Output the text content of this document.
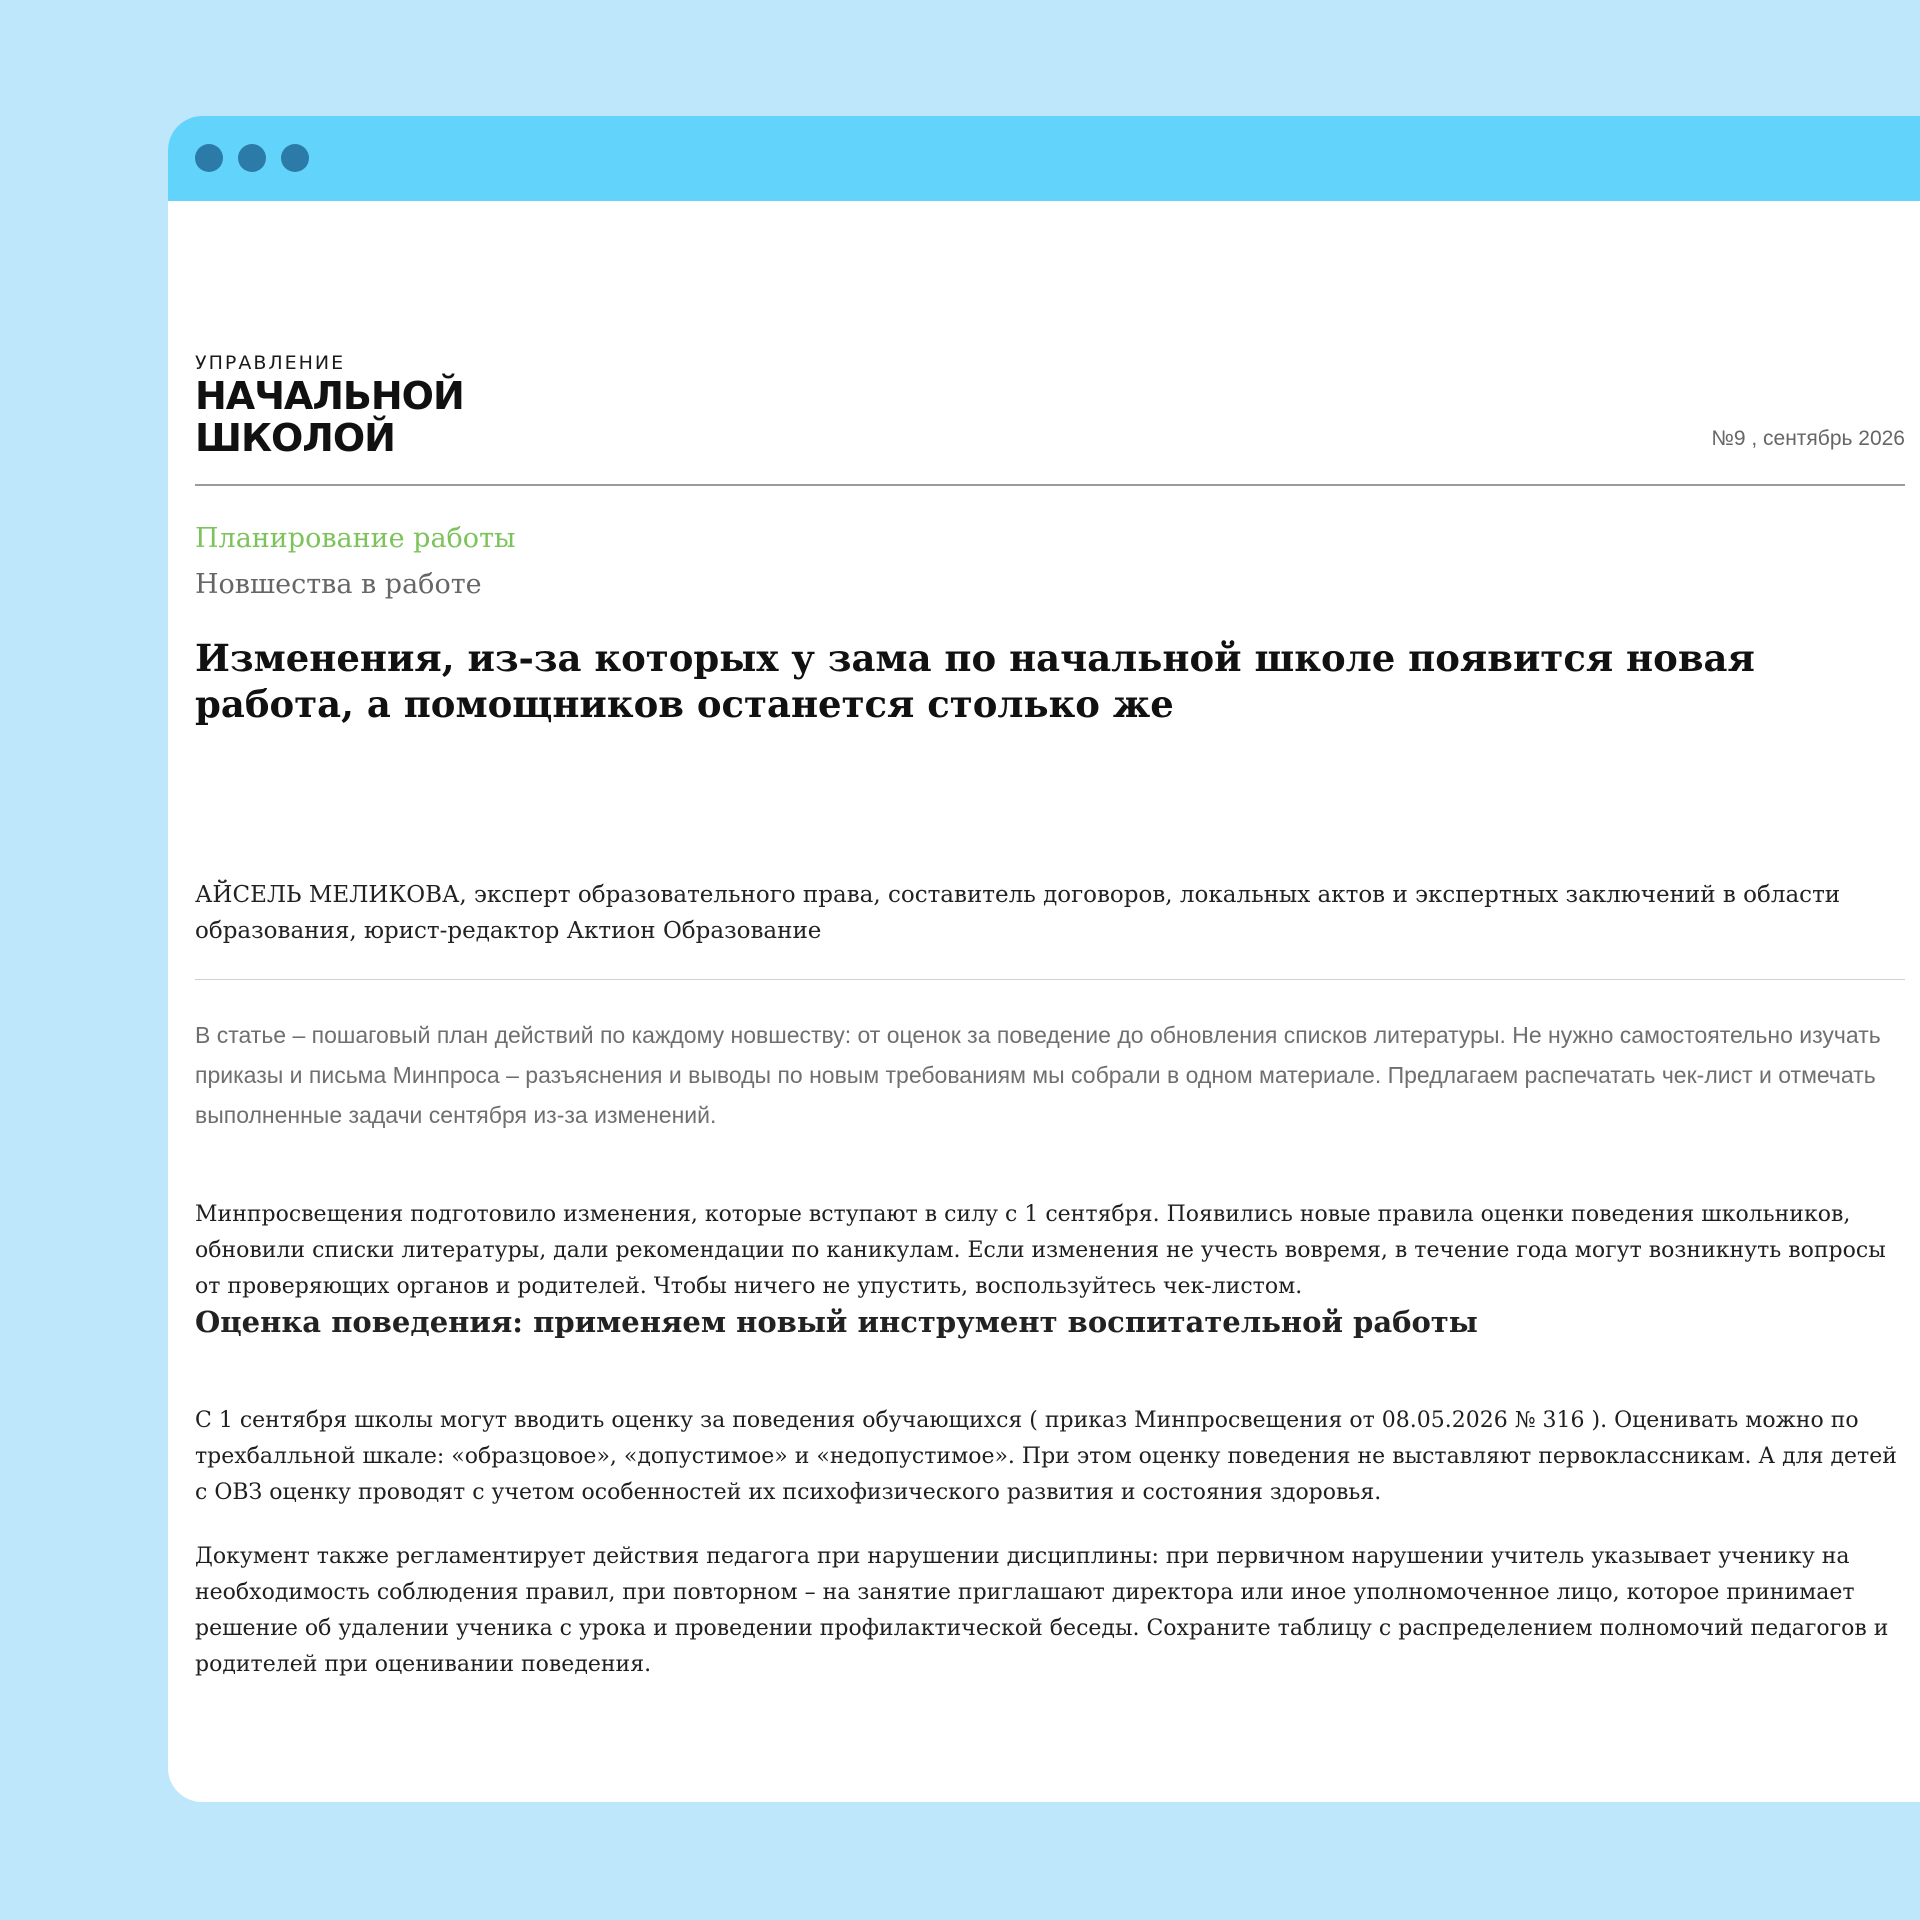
УПРАВЛЕНИЕ
НАЧАЛЬНОЙ
ШКОЛОЙ	№9 , сентябрь 2026
Планирование работы
Новшества в работе
Изменения, из-за которых у зама по начальной школе появится новая работа, а помощников останется столько же
АЙСЕЛЬ МЕЛИКОВА, эксперт образовательного права, составитель договоров, локальных актов и экспертных заключений в области образования, юрист-редактор Актион Образование
В статье – пошаговый план действий по каждому новшеству: от оценок за поведение до обновления списков литературы. Не нужно самостоятельно изучать приказы и письма Минпроса – разъяснения и выводы по новым требованиям мы собрали в одном материале. Предлагаем распечатать чек-лист и отмечать выполненные задачи сентября из-за изменений.

Минпросвещения подготовило изменения, которые вступают в силу с 1 сентября. Появились новые правила оценки поведения школьников, обновили списки литературы, дали рекомендации по каникулам. Если изменения не учесть вовремя, в течение года могут возникнуть вопросы от проверяющих органов и родителей. Чтобы ничего не упустить, воспользуйтесь чек-листом.

Оценка поведения: применяем новый инструмент воспитательной работы

С 1 сентября школы могут вводить оценку за поведения обучающихся ( приказ Минпросвещения от 08.05.2026 № 316 ). Оценивать можно по трехбалльной шкале: «образцовое», «допустимое» и «недопустимое». При этом оценку поведения не выставляют первоклассникам. А для детей с ОВЗ оценку проводят с учетом особенностей их психофизического развития и состояния здоровья.

Документ также регламентирует действия педагога при нарушении дисциплины: при первичном нарушении учитель указывает ученику на необходимость соблюдения правил, при повторном – на занятие приглашают директора или иное уполномоченное лицо, которое принимает решение об удалении ученика с урока и проведении профилактической беседы. Сохраните таблицу с распределением полномочий педагогов и родителей при оценивании поведения.
